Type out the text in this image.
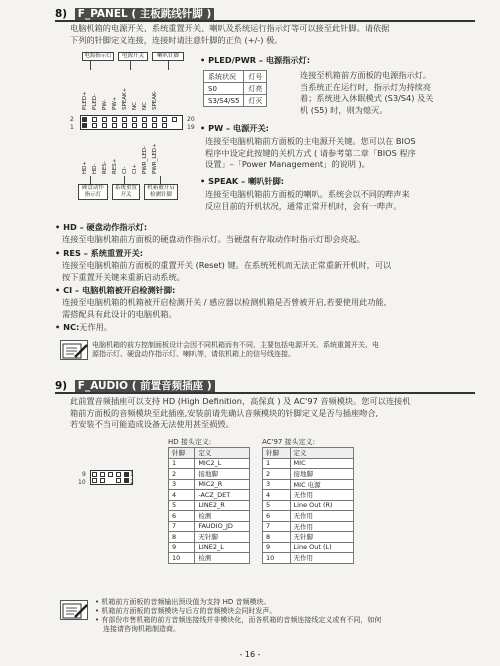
8) F_PANEL ( 主板跳线针脚 )
电脑机箱的电源开关、系统重置开关、喇叭及系统运行指示灯等可以接至此针脚。请依据
下列的针脚定义连接，连接时请注意针脚的正负 (+/-) 极。
电源指示灯	电源开关	喇叭针脚
PLED+ PLED- PW- PW+ SPEAK+ NC NC SPEAK-
2
1
20
19
HD+ HD- RES- RES+ CI- CI+ PWR_LED- PWR_LED+
硬盘动作指示灯
系统重置开关
机箱被开启检测针脚
• PLED/PWR – 电源指示灯:
系统状况	灯号
S0	灯亮
S3/S4/S5	灯灭
连接至机箱前方面板的电源指示灯。
当系统正在运行时，指示灯为持续亮
着；系统进入休眠模式 (S3/S4) 及关
机 (S5) 时，则为熄灭。
• PW – 电源开关:
连接至电脑机箱前方面板的主电源开关键。您可以在 BIOS
程序中设定此按键的关机方式 ( 请参考第二章「BIOS 程序
设置」–「Power Management」的说明 )。
• SPEAK – 喇叭针脚:
连接至电脑机箱前方面板的喇叭。系统会以不同的哔声来
反应目前的开机状况，通常正常开机时，会有一哔声。
• HD – 硬盘动作指示灯:
连接至电脑机箱前方面板的硬盘动作指示灯。当硬盘有存取动作时指示灯即会亮起。
• RES – 系统重置开关:
连接至电脑机箱前方面板的重置开关 (Reset) 键。在系统死机而无法正常重新开机时，可以
按下重置开关键来重新启动系统。
• CI – 电脑机箱被开启检测针脚:
连接至电脑机箱的机箱被开启检测开关 / 感应器以检测机箱是否曾被开启,若要使用此功能,
需搭配具有此设计的电脑机箱。
• NC:无作用。
电脑机箱的前方控制面板设计会因不同机箱而有不同，主要包括电源开关、系统重置开关、电
源指示灯、硬盘动作指示灯、喇叭等，请依机箱上的信号线连接。
9) F_AUDIO ( 前置音频插座 )
此前置音频插座可以支持 HD (High Definition，高保真 ) 及 AC'97 音频模块。您可以连接机
箱前方面板的音频模块至此插座,安装前请先确认音频模块的针脚定义是否与插座吻合,
若安装不当可能造成设备无法使用甚至损毁。
9
10
1
2
HD 接头定义:
针脚	定义
1	MIC2_L
2	接地脚
3	MIC2_R
4	-ACZ_DET
5	LINE2_R
6	检测
7	FAUDIO_JD
8	无针脚
9	LINE2_L
10	检测
AC'97 接头定义:
针脚	定义
1	MIC
2	接地脚
3	MIC 电源
4	无作用
5	Line Out (R)
6	无作用
7	无作用
8	无针脚
9	Line Out (L)
10	无作用
• 机箱前方面板的音频输出预设值为支持 HD 音频模块。
• 机箱前方面板的音频模块与后方的音频模块会同时发声。
• 有部份市售机箱的前方音频连接线并非模块化，而各机箱的音频连接线定义或有不同，如何
连接请咨询机箱制造商。
- 16 -
